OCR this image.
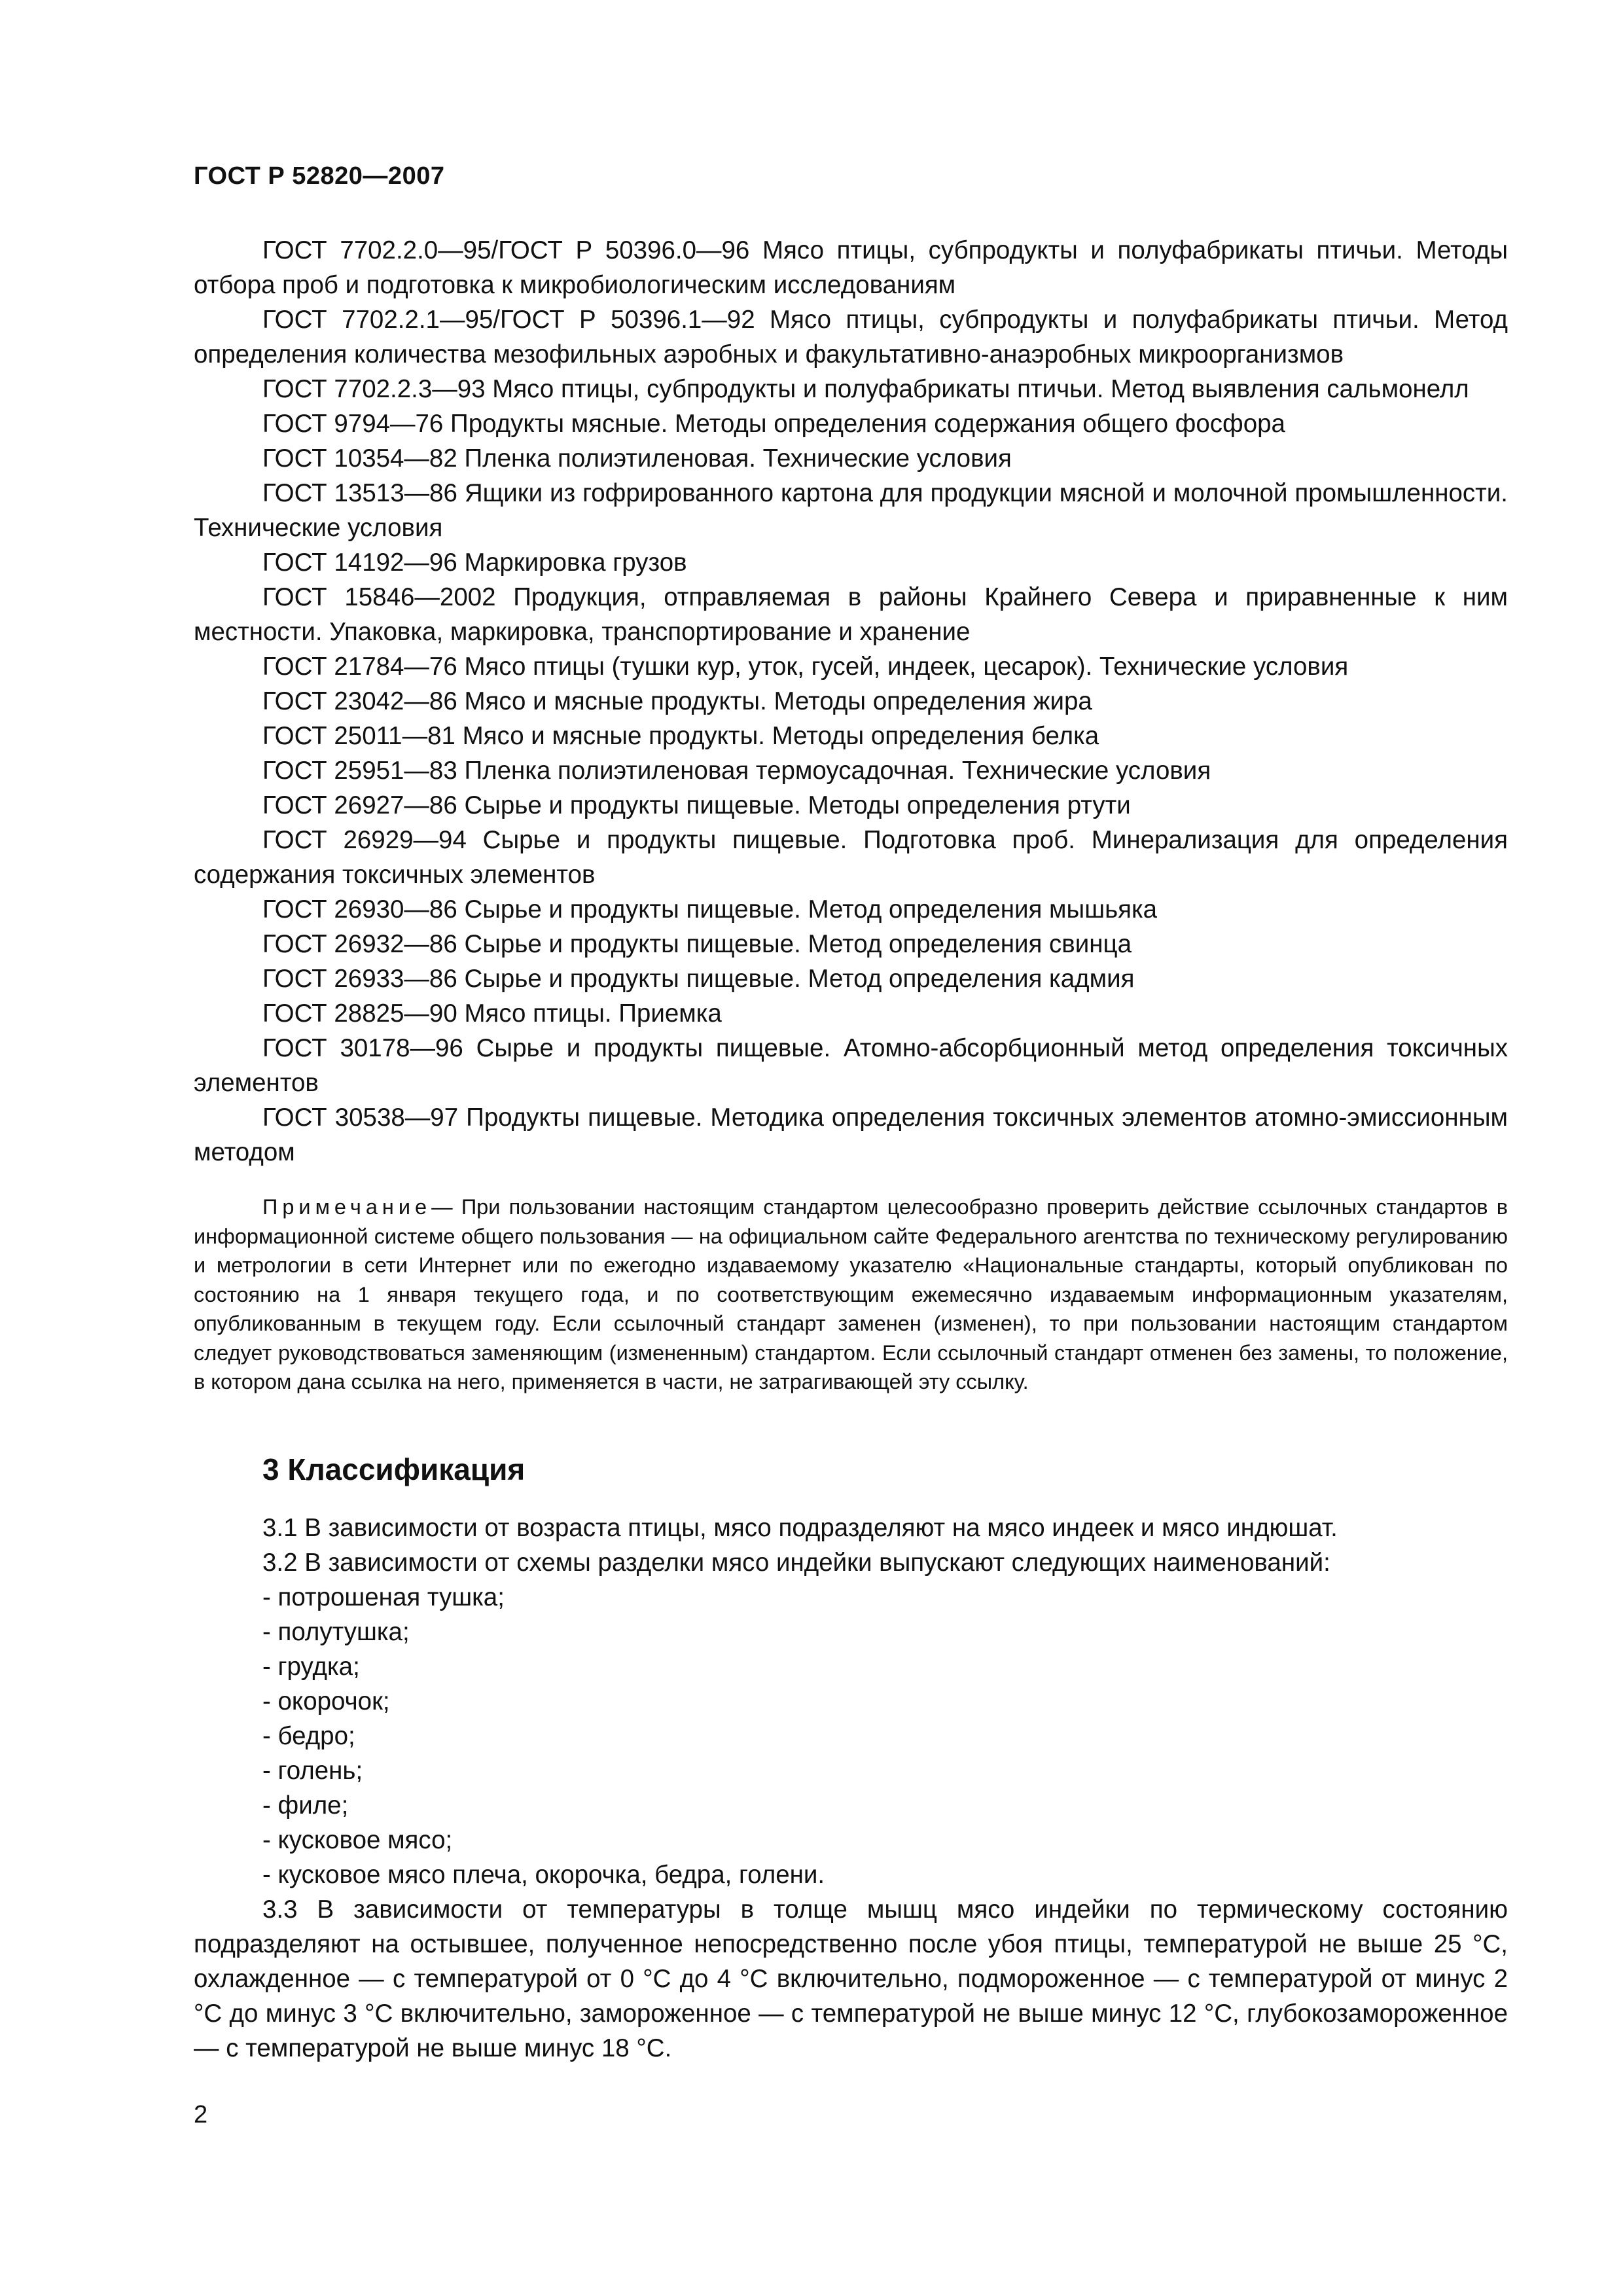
ГОСТ Р 52820—2007

ГОСТ 7702.2.0—95/ГОСТ Р 50396.0—96 Мясо птицы, субпродукты и полуфабрикаты птичьи. Методы отбора проб и подготовка к микробиологическим исследованиям

ГОСТ 7702.2.1—95/ГОСТ Р 50396.1—92 Мясо птицы, субпродукты и полуфабрикаты птичьи. Метод определения количества мезофильных аэробных и факультативно-анаэробных микроорганизмов

ГОСТ 7702.2.3—93 Мясо птицы, субпродукты и полуфабрикаты птичьи. Метод выявления сальмонелл

ГОСТ 9794—76 Продукты мясные. Методы определения содержания общего фосфора

ГОСТ 10354—82 Пленка полиэтиленовая. Технические условия

ГОСТ 13513—86 Ящики из гофрированного картона для продукции мясной и молочной промышленности. Технические условия

ГОСТ 14192—96 Маркировка грузов

ГОСТ 15846—2002 Продукция, отправляемая в районы Крайнего Севера и приравненные к ним местности. Упаковка, маркировка, транспортирование и хранение

ГОСТ 21784—76 Мясо птицы (тушки кур, уток, гусей, индеек, цесарок). Технические условия

ГОСТ 23042—86 Мясо и мясные продукты. Методы определения жира

ГОСТ 25011—81 Мясо и мясные продукты. Методы определения белка

ГОСТ 25951—83 Пленка полиэтиленовая термоусадочная. Технические условия

ГОСТ 26927—86 Сырье и продукты пищевые. Методы определения ртути

ГОСТ 26929—94 Сырье и продукты пищевые. Подготовка проб. Минерализация для определения содержания токсичных элементов

ГОСТ 26930—86 Сырье и продукты пищевые. Метод определения мышьяка

ГОСТ 26932—86 Сырье и продукты пищевые. Метод определения свинца

ГОСТ 26933—86 Сырье и продукты пищевые. Метод определения кадмия

ГОСТ 28825—90 Мясо птицы. Приемка

ГОСТ 30178—96 Сырье и продукты пищевые. Атомно-абсорбционный метод определения токсичных элементов

ГОСТ 30538—97 Продукты пищевые. Методика определения токсичных элементов атомно-эмиссионным методом

Примечание— При пользовании настоящим стандартом целесообразно проверить действие ссылочных стандартов в информационной системе общего пользования — на официальном сайте Федерального агентства по техническому регулированию и метрологии в сети Интернет или по ежегодно издаваемому указателю «Национальные стандарты, который опубликован по состоянию на 1 января текущего года, и по соответствующим ежемесячно издаваемым информационным указателям, опубликованным в текущем году. Если ссылочный стандарт заменен (изменен), то при пользовании настоящим стандартом следует руководствоваться заменяющим (измененным) стандартом. Если ссылочный стандарт отменен без замены, то положение, в котором дана ссылка на него, применяется в части, не затрагивающей эту ссылку.

3 Классификация

3.1 В зависимости от возраста птицы, мясо подразделяют на мясо индеек и мясо индюшат.

3.2 В зависимости от схемы разделки мясо индейки выпускают следующих наименований:

- потрошеная тушка;
- полутушка;
- грудка;
- окорочок;
- бедро;
- голень;
- филе;
- кусковое мясо;
- кусковое мясо плеча, окорочка, бедра, голени.

3.3 В зависимости от температуры в толще мышц мясо индейки по термическому состоянию подразделяют на остывшее, полученное непосредственно после убоя птицы, температурой не выше 25 °С, охлажденное — с температурой от 0 °С до 4 °С включительно, подмороженное — с температурой от минус 2 °С до минус 3 °С включительно, замороженное — с температурой не выше минус 12 °С, глубокозамороженное — с температурой не выше минус 18 °С.

2
